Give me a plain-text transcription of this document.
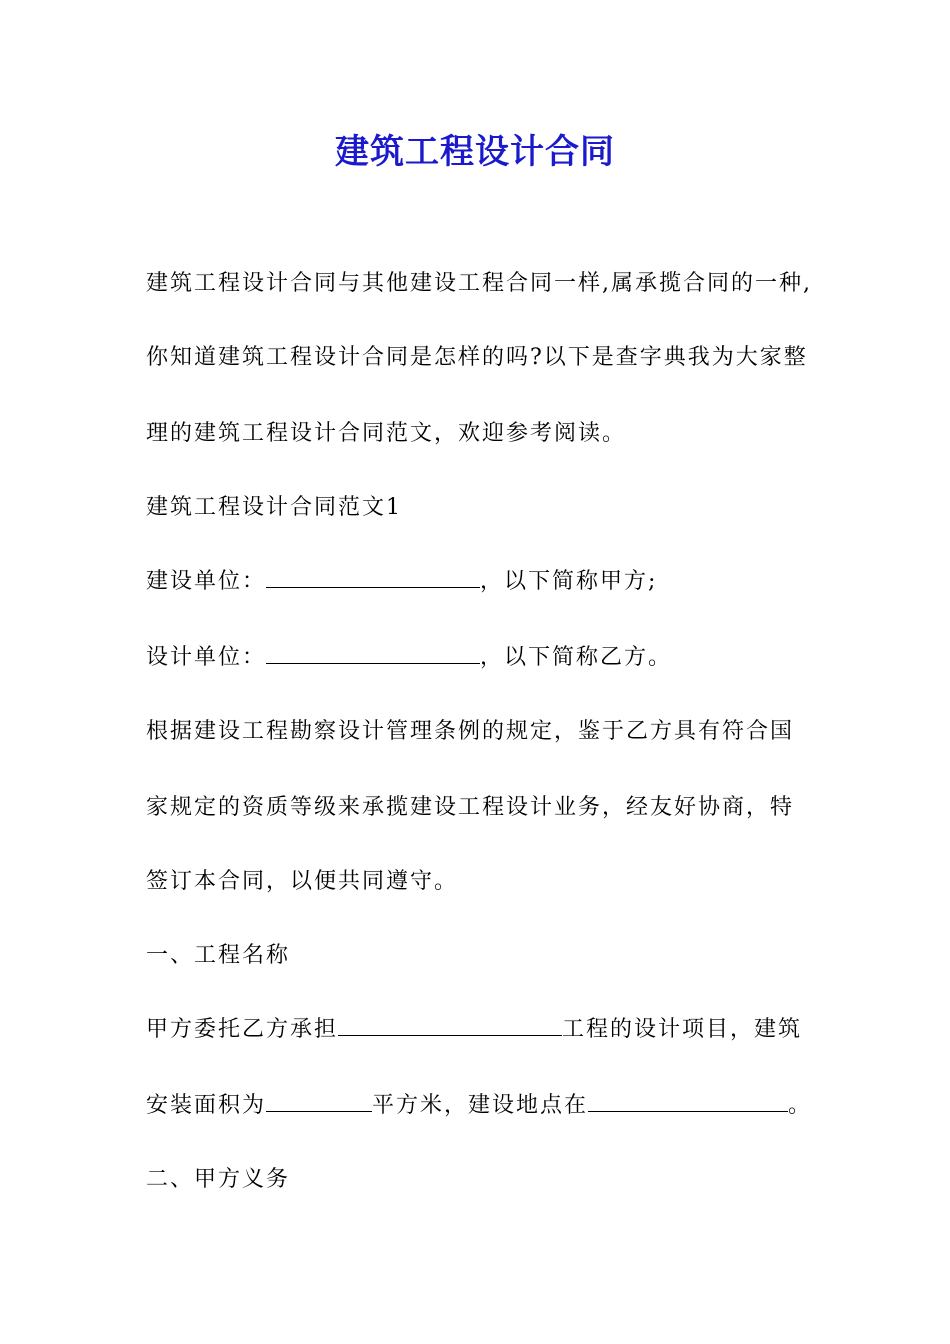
建筑工程设计合同
建筑工程设计合同与其他建设工程合同一样,属承揽合同的一种,
你知道建筑工程设计合同是怎样的吗?以下是查字典我为大家整
理的建筑工程设计合同范文，欢迎参考阅读。
建筑工程设计合同范文1
建设单位：	，以下简称甲方;
设计单位：	，以下简称乙方。
根据建设工程勘察设计管理条例的规定，鉴于乙方具有符合国
家规定的资质等级来承揽建设工程设计业务，经友好协商，特
签订本合同，以便共同遵守。
一、工程名称
甲方委托乙方承担	工程的设计项目，建筑
安装面积为	平方米，建设地点在	。
二、甲方义务
